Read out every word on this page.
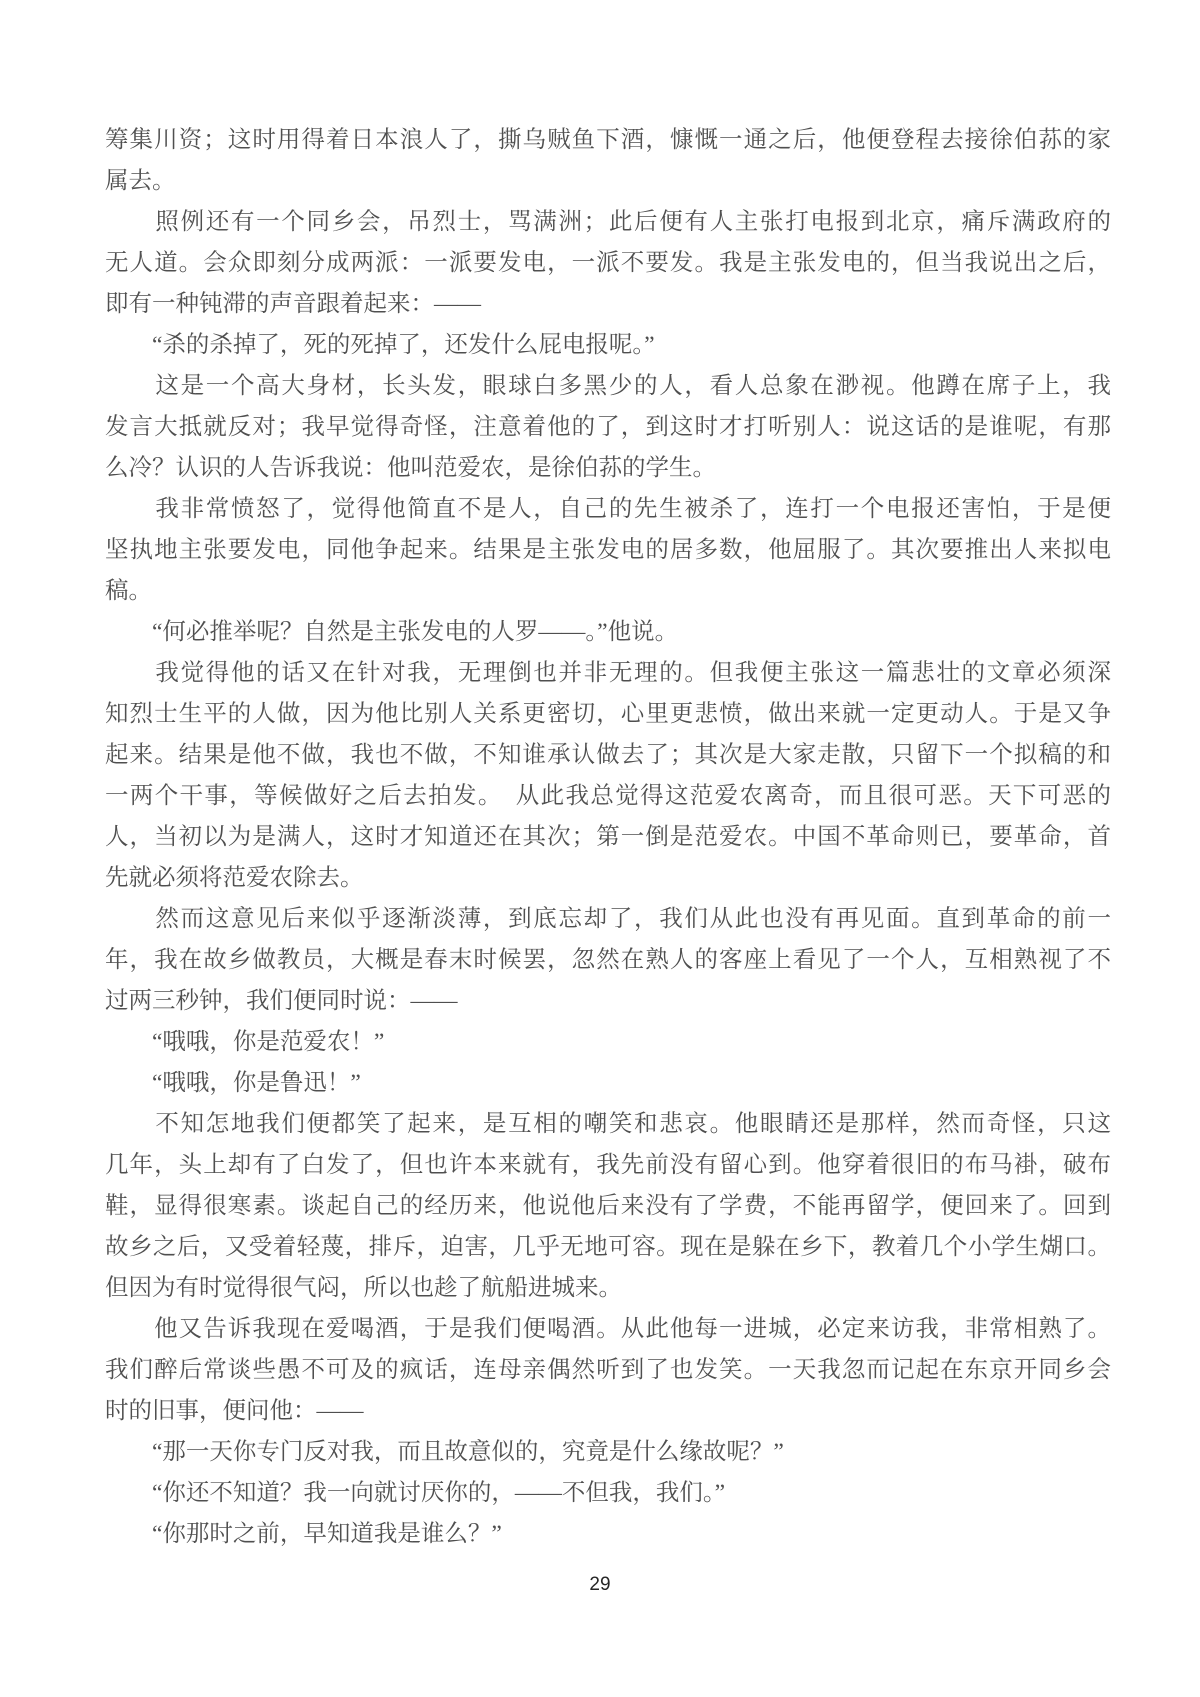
筹集川资；这时用得着日本浪人了，撕乌贼鱼下酒，慷慨一通之后，他便登程去接徐伯荪的家
属去。
　　照例还有一个同乡会，吊烈士，骂满洲；此后便有人主张打电报到北京，痛斥满政府的
无人道。会众即刻分成两派：一派要发电，一派不要发。我是主张发电的，但当我说出之后，
即有一种钝滞的声音跟着起来：——
　　“杀的杀掉了，死的死掉了，还发什么屁电报呢。”
　　这是一个高大身材，长头发，眼球白多黑少的人，看人总象在渺视。他蹲在席子上，我
发言大抵就反对；我早觉得奇怪，注意着他的了，到这时才打听别人：说这话的是谁呢，有那
么冷？认识的人告诉我说：他叫范爱农，是徐伯荪的学生。
　　我非常愤怒了，觉得他简直不是人，自己的先生被杀了，连打一个电报还害怕，于是便
坚执地主张要发电，同他争起来。结果是主张发电的居多数，他屈服了。其次要推出人来拟电
稿。
　　“何必推举呢？自然是主张发电的人罗——。”他说。
　　我觉得他的话又在针对我，无理倒也并非无理的。但我便主张这一篇悲壮的文章必须深
知烈士生平的人做，因为他比别人关系更密切，心里更悲愤，做出来就一定更动人。于是又争
起来。结果是他不做，我也不做，不知谁承认做去了；其次是大家走散，只留下一个拟稿的和
一两个干事，等候做好之后去拍发。　从此我总觉得这范爱农离奇，而且很可恶。天下可恶的
人，当初以为是满人，这时才知道还在其次；第一倒是范爱农。中国不革命则已，要革命，首
先就必须将范爱农除去。
　　然而这意见后来似乎逐渐淡薄，到底忘却了，我们从此也没有再见面。直到革命的前一
年，我在故乡做教员，大概是春末时候罢，忽然在熟人的客座上看见了一个人，互相熟视了不
过两三秒钟，我们便同时说：——
　　“哦哦，你是范爱农！”
　　“哦哦，你是鲁迅！”
　　不知怎地我们便都笑了起来，是互相的嘲笑和悲哀。他眼睛还是那样，然而奇怪，只这
几年，头上却有了白发了，但也许本来就有，我先前没有留心到。他穿着很旧的布马褂，破布
鞋，显得很寒素。谈起自己的经历来，他说他后来没有了学费，不能再留学，便回来了。回到
故乡之后，又受着轻蔑，排斥，迫害，几乎无地可容。现在是躲在乡下，教着几个小学生煳口。
但因为有时觉得很气闷，所以也趁了航船进城来。
　　他又告诉我现在爱喝酒，于是我们便喝酒。从此他每一进城，必定来访我，非常相熟了。
我们醉后常谈些愚不可及的疯话，连母亲偶然听到了也发笑。一天我忽而记起在东京开同乡会
时的旧事，便问他：——
　　“那一天你专门反对我，而且故意似的，究竟是什么缘故呢？”
　　“你还不知道？我一向就讨厌你的，——不但我，我们。”
　　“你那时之前，早知道我是谁么？”
29
